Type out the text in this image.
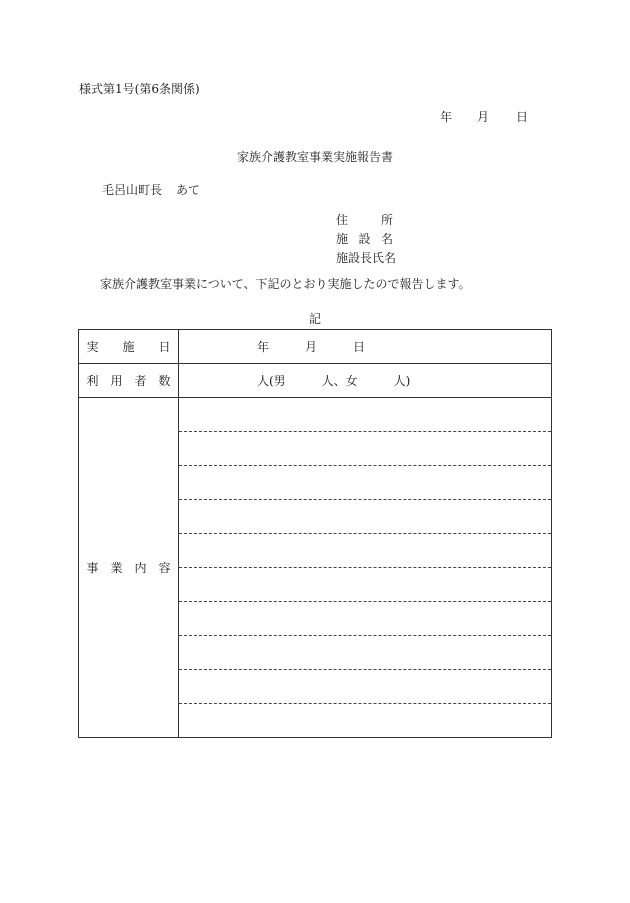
様式第1号(第6条関係)
年 月 日
家族介護教室事業実施報告書
毛呂山町長 あて
住所
施設名
施設長氏名
家族介護教室事業について、下記のとおり実施したので報告します。
記
実施日	年 月 日
利用者数	人(男　　　人、女　　　人)
事業内容	
